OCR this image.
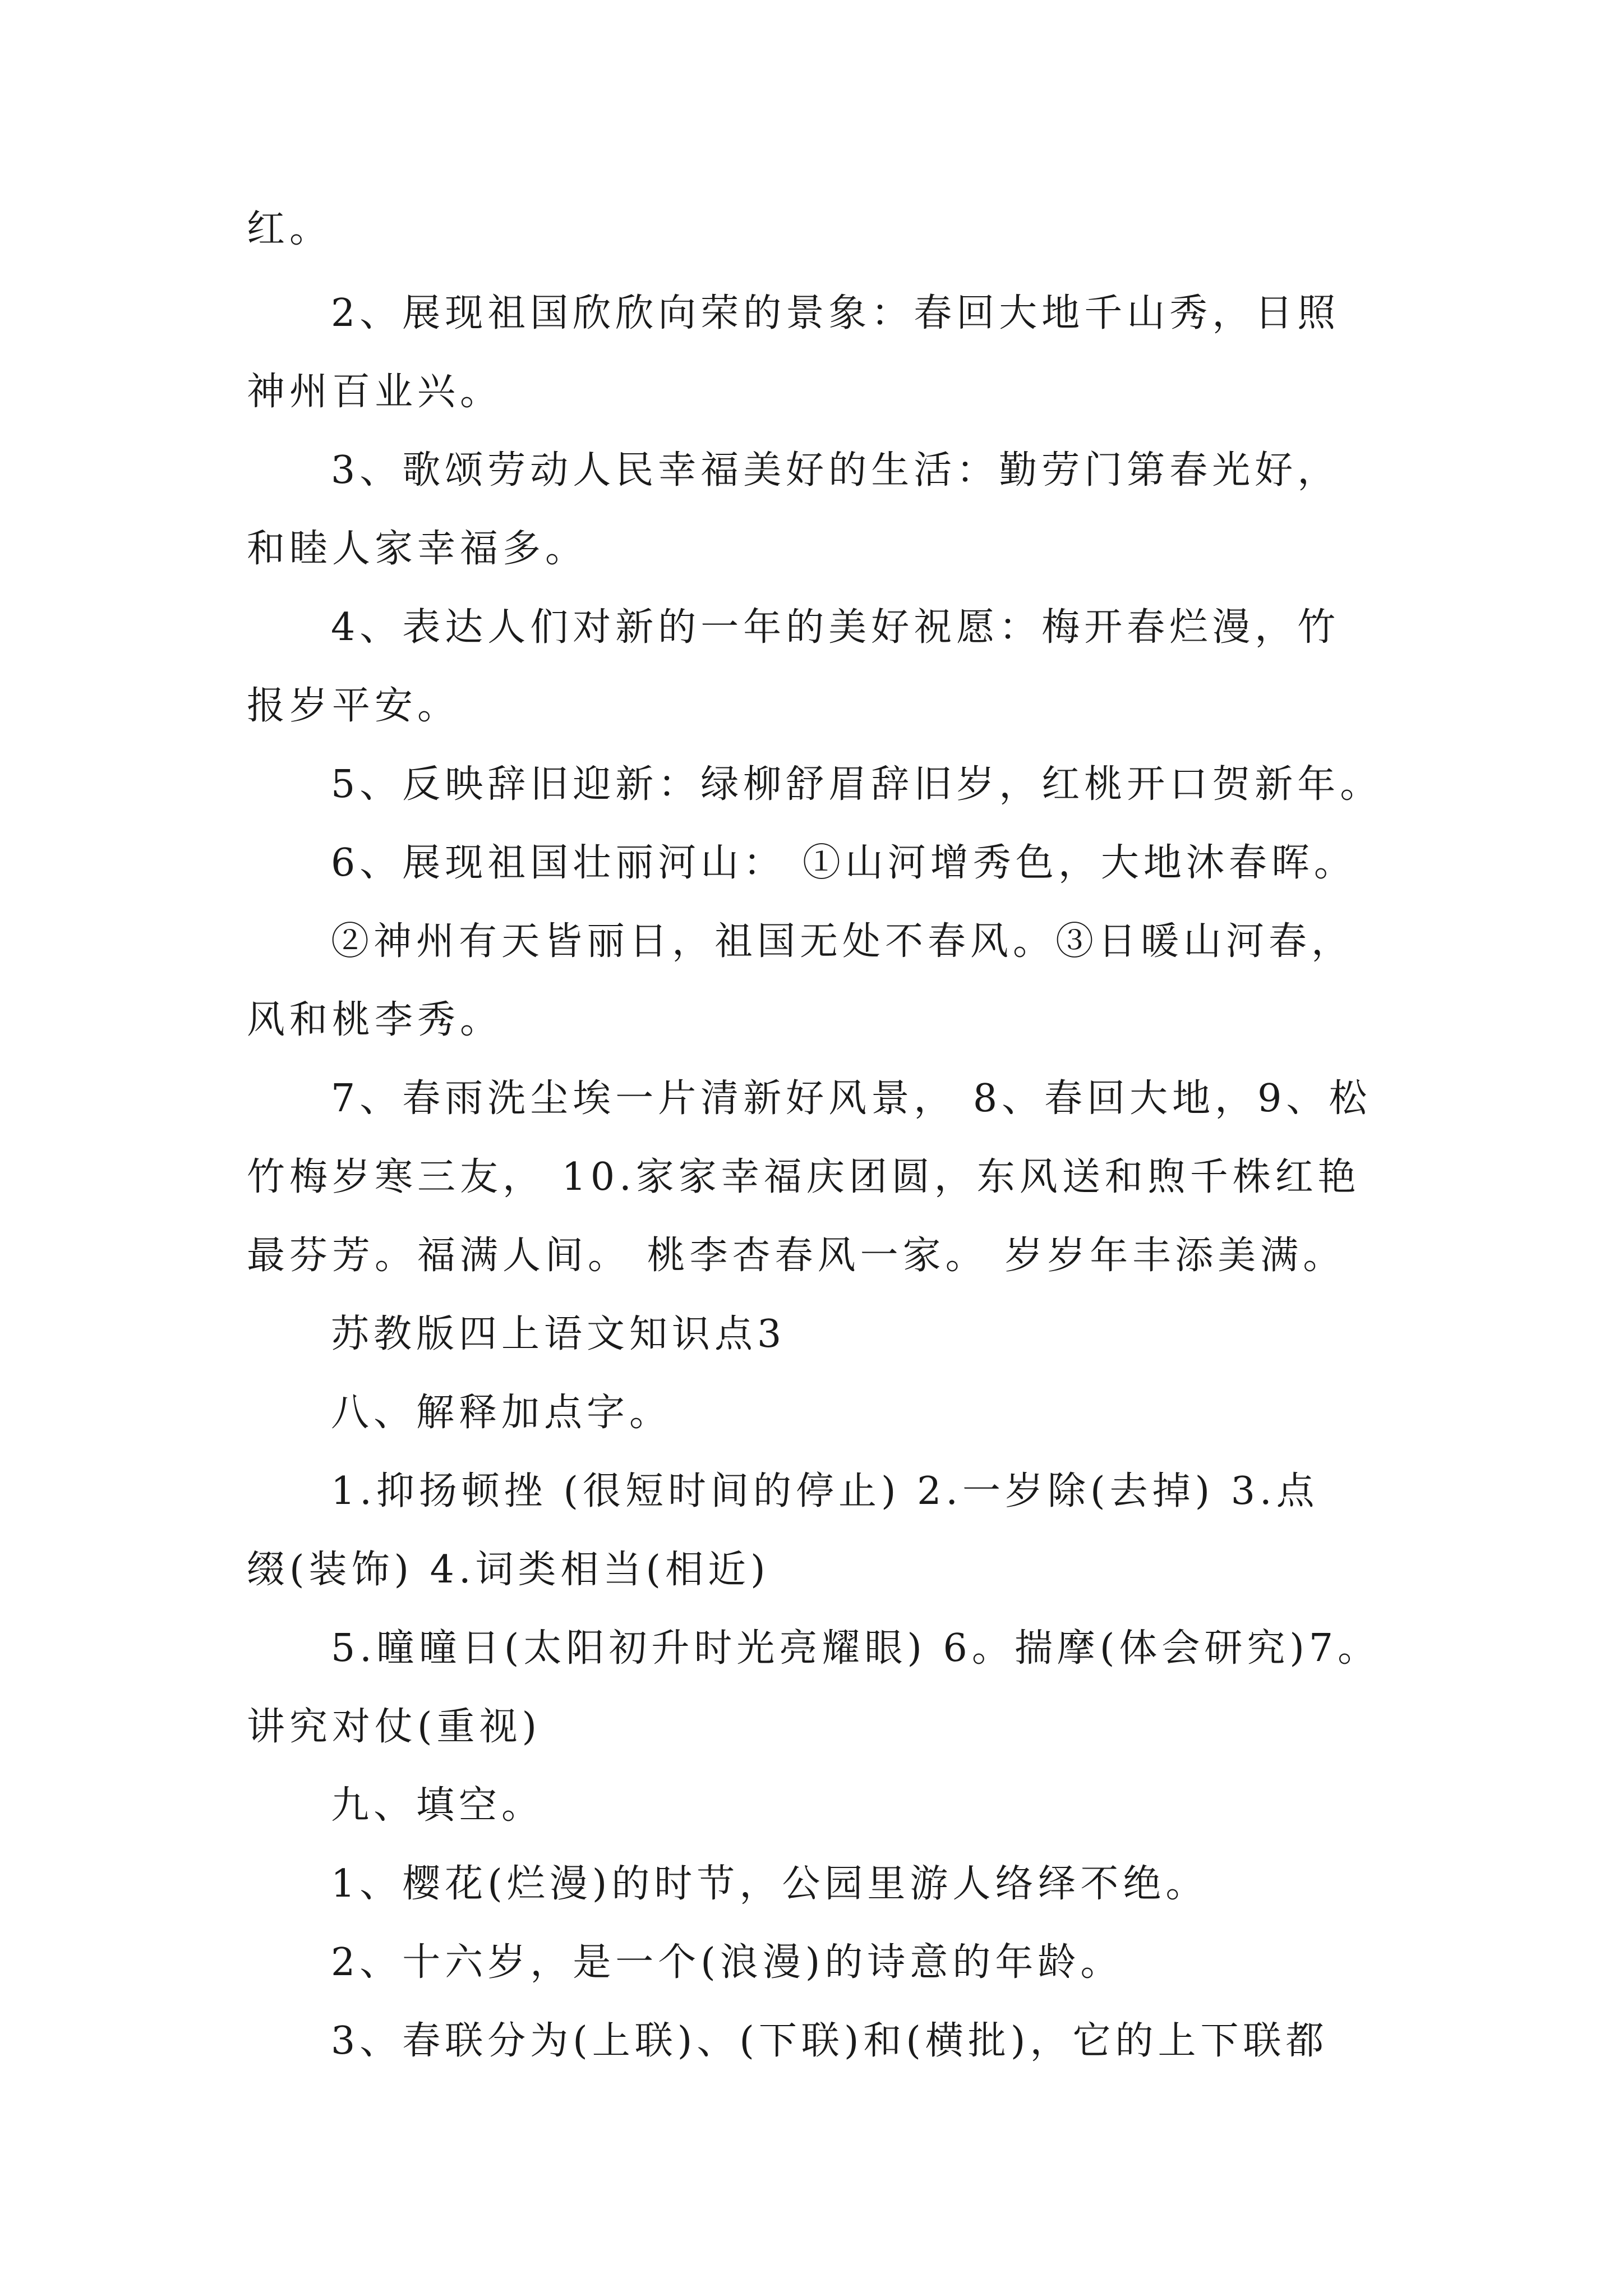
红。
2、展现祖国欣欣向荣的景象：春回大地千山秀，日照
神州百业兴。
3、歌颂劳动人民幸福美好的生活：勤劳门第春光好，
和睦人家幸福多。
4、表达人们对新的一年的美好祝愿：梅开春烂漫，竹
报岁平安。
5、反映辞旧迎新：绿柳舒眉辞旧岁，红桃开口贺新年。
6、展现祖国壮丽河山： ①山河增秀色，大地沐春晖。
②神州有天皆丽日，祖国无处不春风。③日暖山河春，
风和桃李秀。
7、春雨洗尘埃一片清新好风景， 8、春回大地，9、松
竹梅岁寒三友， 10.家家幸福庆团圆，东风送和煦千株红艳
最芬芳。福满人间。 桃李杏春风一家。 岁岁年丰添美满。
苏教版四上语文知识点3
八、解释加点字。
1.抑扬顿挫 (很短时间的停止) 2.一岁除(去掉) 3.点
缀(装饰) 4.词类相当(相近)
5.曈曈日(太阳初升时光亮耀眼) 6。揣摩(体会研究)7。
讲究对仗(重视)
九、填空。
1、樱花(烂漫)的时节，公园里游人络绎不绝。
2、十六岁，是一个(浪漫)的诗意的年龄。
3、春联分为(上联)、(下联)和(横批)，它的上下联都
